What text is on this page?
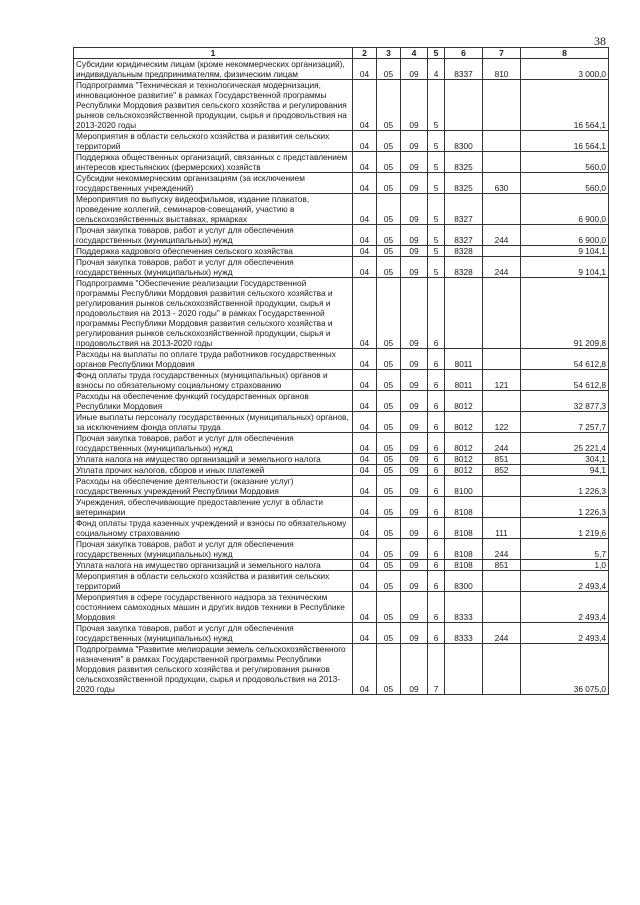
38
1	2	3	4	5	6	7	8
Субсидии юридическим лицам (кроме некоммерческих организаций), индивидуальным предпринимателям, физическим лицам	04	05	09	4	8337	810	3 000,0
Подпрограмма "Техническая и технологическая модернизация, инновационное развитие" в рамках Государственной программы Республики Мордовия развития сельского хозяйства и регулирования рынков сельскохозяйственной продукции, сырья и продовольствия на 2013-2020 годы	04	05	09	5			16 564,1
Мероприятия в области сельского хозяйства и развития сельских территорий	04	05	09	5	8300		16 564,1
Поддержка общественных организаций, связанных с представлением интересов крестьянских (фермерских) хозяйств	04	05	09	5	8325		560,0
Субсидии некоммерческим организациям (за исключением государственных учреждений)	04	05	09	5	8325	630	560,0
Мероприятия по выпуску видеофильмов, издание плакатов, проведение коллегий, семинаров-совещаний, участию в сельскохозяйственных выставках, ярмарках	04	05	09	5	8327		6 900,0
Прочая закупка товаров, работ и услуг для обеспечения государственных (муниципальных) нужд	04	05	09	5	8327	244	6 900,0
Поддержка кадрового обеспечения сельского хозяйства	04	05	09	5	8328		9 104,1
Прочая закупка товаров, работ и услуг для обеспечения государственных (муниципальных) нужд	04	05	09	5	8328	244	9 104,1
Подпрограмма "Обеспечение реализации Государственной программы Республики Мордовия развития сельского хозяйства и регулирования рынков сельскохозяйственной продукции, сырья и продовольствия на 2013 - 2020 годы" в рамках Государственной программы Республики Мордовия развития сельского хозяйства и регулирования рынков сельскохозяйственной продукции, сырья и продовольствия на 2013-2020 годы	04	05	09	6			91 209,8
Расходы на выплаты по оплате труда работников государственных органов Республики Мордовия	04	05	09	6	8011		54 612,8
Фонд оплаты труда государственных (муниципальных) органов и взносы по обязательному социальному страхованию	04	05	09	6	8011	121	54 612,8
Расходы на обеспечение функций государственных органов Республики Мордовия	04	05	09	6	8012		32 877,3
Иные выплаты персоналу государственных (муниципальных) органов, за исключением фонда оплаты труда	04	05	09	6	8012	122	7 257,7
Прочая закупка товаров, работ и услуг для обеспечения государственных (муниципальных) нужд	04	05	09	6	8012	244	25 221,4
Уплата налога на имущество организаций и земельного налога	04	05	09	6	8012	851	304,1
Уплата прочих налогов, сборов и иных платежей	04	05	09	6	8012	852	94,1
Расходы на обеспечение деятельности (оказание услуг) государственных учреждений Республики Мордовия	04	05	09	6	8100		1 226,3
Учреждения, обеспечивающие предоставление услуг в области ветеринарии	04	05	09	6	8108		1 226,3
Фонд оплаты труда казенных учреждений и взносы по обязательному социальному страхованию	04	05	09	6	8108	111	1 219,6
Прочая закупка товаров, работ и услуг для обеспечения государственных (муниципальных) нужд	04	05	09	6	8108	244	5,7
Уплата налога на имущество организаций и земельного налога	04	05	09	6	8108	851	1,0
Мероприятия в области сельского хозяйства и развития сельских территорий	04	05	09	6	8300		2 493,4
Мероприятия в сфере государственного надзора за техническим состоянием самоходных машин и других видов техники в Республике Мордовия	04	05	09	6	8333		2 493,4
Прочая закупка товаров, работ и услуг для обеспечения государственных (муниципальных) нужд	04	05	09	6	8333	244	2 493,4
Подпрограмма "Развитие мелиорации земель сельскохозяйственного назначения" в рамках Государственной программы Республики Мордовия развития сельского хозяйства и регулирования рынков сельскохозяйственной продукции, сырья и продовольствия на 2013-2020 годы	04	05	09	7			36 075,0
